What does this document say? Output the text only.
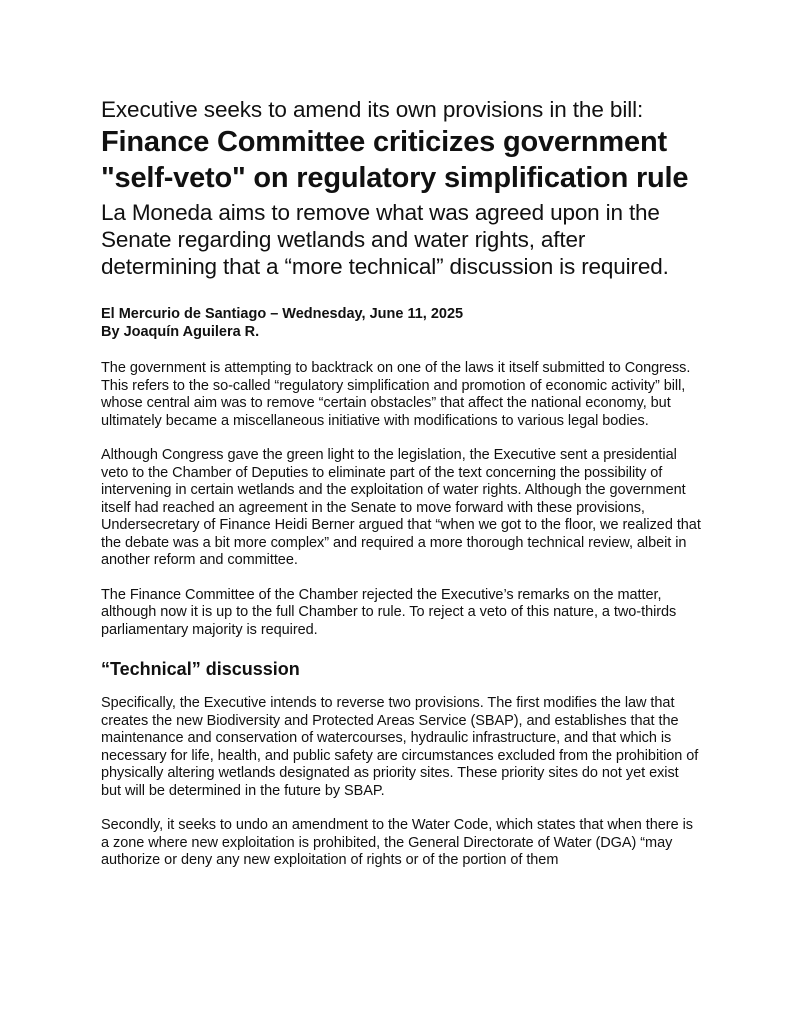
Executive seeks to amend its own provisions in the bill:
Finance Committee criticizes government "self-veto" on regulatory simplification rule
La Moneda aims to remove what was agreed upon in the Senate regarding wetlands and water rights, after determining that a “more technical” discussion is required.
El Mercurio de Santiago – Wednesday, June 11, 2025
By Joaquín Aguilera R.

The government is attempting to backtrack on one of the laws it itself submitted to Congress. This refers to the so-called “regulatory simplification and promotion of economic activity” bill, whose central aim was to remove “certain obstacles” that affect the national economy, but ultimately became a miscellaneous initiative with modifications to various legal bodies.

Although Congress gave the green light to the legislation, the Executive sent a presidential veto to the Chamber of Deputies to eliminate part of the text concerning the possibility of intervening in certain wetlands and the exploitation of water rights. Although the government itself had reached an agreement in the Senate to move forward with these provisions, Undersecretary of Finance Heidi Berner argued that “when we got to the floor, we realized that the debate was a bit more complex” and required a more thorough technical review, albeit in another reform and committee.

The Finance Committee of the Chamber rejected the Executive’s remarks on the matter, although now it is up to the full Chamber to rule. To reject a veto of this nature, a two-thirds parliamentary majority is required.

“Technical” discussion

Specifically, the Executive intends to reverse two provisions. The first modifies the law that creates the new Biodiversity and Protected Areas Service (SBAP), and establishes that the maintenance and conservation of watercourses, hydraulic infrastructure, and that which is necessary for life, health, and public safety are circumstances excluded from the prohibition of physically altering wetlands designated as priority sites. These priority sites do not yet exist but will be determined in the future by SBAP.

Secondly, it seeks to undo an amendment to the Water Code, which states that when there is a zone where new exploitation is prohibited, the General Directorate of Water (DGA) “may authorize or deny any new exploitation of rights or of the portion of them
